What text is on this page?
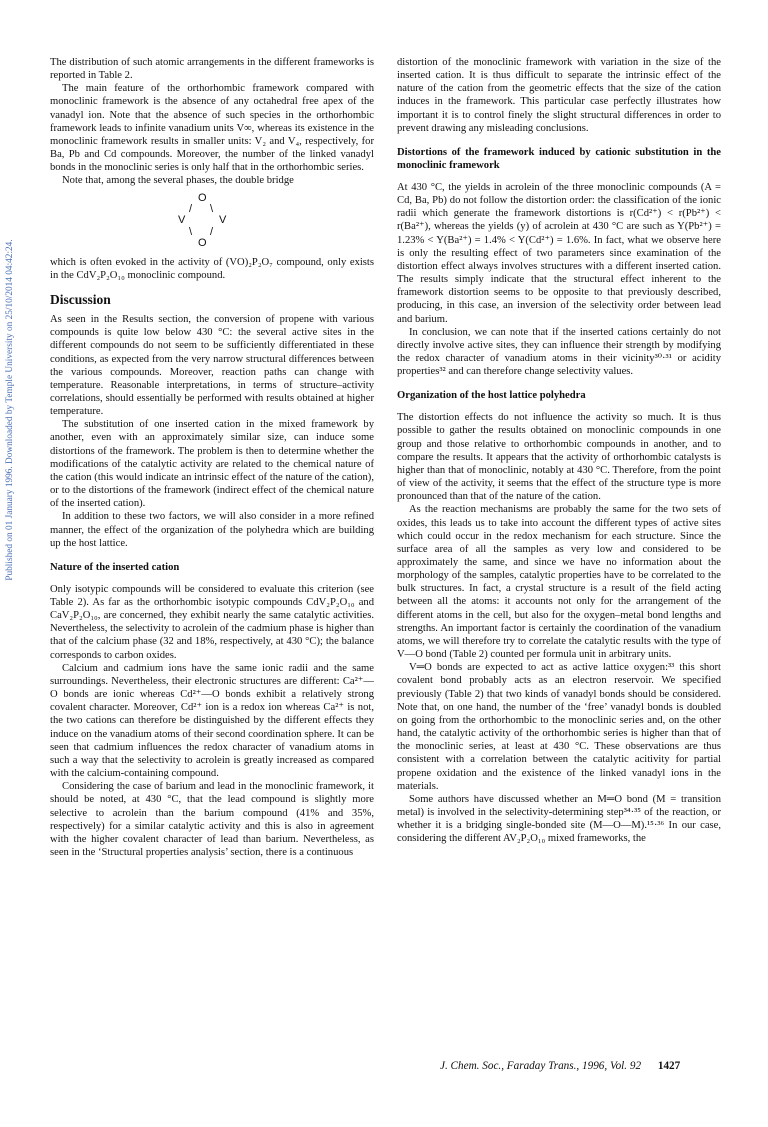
Published on 01 January 1996. Downloaded by Temple University on 25/10/2014 04:42:24.

The distribution of such atomic arrangements in the different frameworks is reported in Table 2.

The main feature of the orthorhombic framework compared with monoclinic framework is the absence of any octahedral free apex of the vanadyl ion. Note that the absence of such species in the orthorhombic framework leads to infinite vanadium units V∞, whereas its existence in the monoclinic framework results in smaller units: V₂ and V₄, respectively, for Ba, Pb and Cd compounds. Moreover, the number of the linked vanadyl bonds in the monoclinic series is only half that in the orthorhombic series.

Note that, among the several phases, the double bridge

O
/ \
V	V
\ /
O

which is often evoked in the activity of (VO)₂P₂O₇ compound, only exists in the CdV₂P₂O₁₀ monoclinic compound.

Discussion

As seen in the Results section, the conversion of propene with various compounds is quite low below 430 °C: the several active sites in the different compounds do not seem to be sufficiently differentiated in these conditions, as expected from the very narrow structural differences between the various compounds. Moreover, reaction paths can change with temperature. Reasonable interpretations, in terms of structure–activity correlations, should essentially be performed with results obtained at higher temperature.

The substitution of one inserted cation in the mixed framework by another, even with an approximately similar size, can induce some distortions of the framework. The problem is then to determine whether the modifications of the catalytic activity are related to the chemical nature of the cation (this would indicate an intrinsic effect of the nature of the cation), or to the distortions of the framework (indirect effect of the chemical nature of the inserted cation).

In addition to these two factors, we will also consider in a more refined manner, the effect of the organization of the polyhedra which are building up the host lattice.

Nature of the inserted cation

Only isotypic compounds will be considered to evaluate this criterion (see Table 2). As far as the orthorhombic isotypic compounds CdV₂P₂O₁₀ and CaV₂P₂O₁₀, are concerned, they exhibit nearly the same catalytic activities. Nevertheless, the selectivity to acrolein of the cadmium phase is higher than that of the calcium phase (32 and 18%, respectively, at 430 °C); the balance corresponds to carbon oxides.

Calcium and cadmium ions have the same ionic radii and the same surroundings. Nevertheless, their electronic structures are different: Ca²⁺—O bonds are ionic whereas Cd²⁺—O bonds exhibit a relatively strong covalent character. Moreover, Cd²⁺ ion is a redox ion whereas Ca²⁺ is not, the two cations can therefore be distinguished by the different effects they induce on the vanadium atoms of their second coordination sphere. It can be seen that cadmium influences the redox character of vanadium atoms in such a way that the selectivity to acrolein is greatly increased as compared with the calcium-containing compound.

Considering the case of barium and lead in the monoclinic framework, it should be noted, at 430 °C, that the lead compound is slightly more selective to acrolein than the barium compound (41% and 35%, respectively) for a similar catalytic activity and this is also in agreement with the higher covalent character of lead than barium. Nevertheless, as seen in the ‘Structural properties analysis’ section, there is a continuous

distortion of the monoclinic framework with variation in the size of the inserted cation. It is thus difficult to separate the intrinsic effect of the nature of the cation from the geometric effects that the size of the cation induces in the framework. This particular case perfectly illustrates how important it is to control finely the slight structural differences in order to prevent drawing any misleading conclusions.

Distortions of the framework induced by cationic substitution in the monoclinic framework

At 430 °C, the yields in acrolein of the three monoclinic compounds (A = Cd, Ba, Pb) do not follow the distortion order: the classification of the ionic radii which generate the framework distortions is r(Cd²⁺) < r(Pb²⁺) < r(Ba²⁺), whereas the yields (y) of acrolein at 430 °C are such as Y(Pb²⁺) = 1.23% < Y(Ba²⁺) = 1.4% < Y(Cd²⁺) = 1.6%. In fact, what we observe here is only the resulting effect of two parameters since examination of the distortion effect always involves structures with a different inserted cation. The results simply indicate that the structural effect inherent to the framework distortion seems to be opposite to that previously described, producing, in this case, an inversion of the selectivity order between lead and barium.

In conclusion, we can note that if the inserted cations certainly do not directly involve active sites, they can influence their strength by modifying the redox character of vanadium atoms in their vicinity³⁰·³¹ or acidity properties³² and can therefore change selectivity values.

Organization of the host lattice polyhedra

The distortion effects do not influence the activity so much. It is thus possible to gather the results obtained on monoclinic compounds in one group and those relative to orthorhombic compounds in another, and to compare the results. It appears that the activity of orthorhombic catalysts is higher than that of monoclinic, notably at 430 °C. Therefore, from the point of view of the activity, it seems that the effect of the structure type is more pronounced than that of the nature of the cation.

As the reaction mechanisms are probably the same for the two sets of oxides, this leads us to take into account the different types of active sites which could occur in the redox mechanism for each structure. Since the surface area of all the samples as very low and considered to be approximately the same, and since we have no information about the morphology of the samples, catalytic properties have to be correlated to the bulk structures. In fact, a crystal structure is a result of the field acting between all the atoms: it accounts not only for the arrangement of the different atoms in the cell, but also for the oxygen–metal bond lengths and strengths. An important factor is certainly the coordination of the vanadium atoms, we will therefore try to correlate the catalytic results with the type of V—O bond (Table 2) counted per formula unit in arbitrary units.

V═O bonds are expected to act as active lattice oxygen:³³ this short covalent bond probably acts as an electron reservoir. We specified previously (Table 2) that two kinds of vanadyl bonds should be considered. Note that, on one hand, the number of the ‘free’ vanadyl bonds is doubled on going from the orthorhombic to the monoclinic series and, on the other hand, the catalytic activity of the orthorhombic series is higher than that of the monoclinic series, at least at 430 °C. These observations are thus consistent with a correlation between the catalytic acitivity for partial propene oxidation and the existence of the linked vanadyl ions in the materials.

Some authors have discussed whether an M═O bond (M = transition metal) is involved in the selectivity-determining step³⁴·³⁵ of the reaction, or whether it is a bridging single-bonded site (M—O—M).¹⁵·³⁶ In our case, considering the different AV₂P₂O₁₀ mixed frameworks, the

J. Chem. Soc., Faraday Trans., 1996, Vol. 92 1427
